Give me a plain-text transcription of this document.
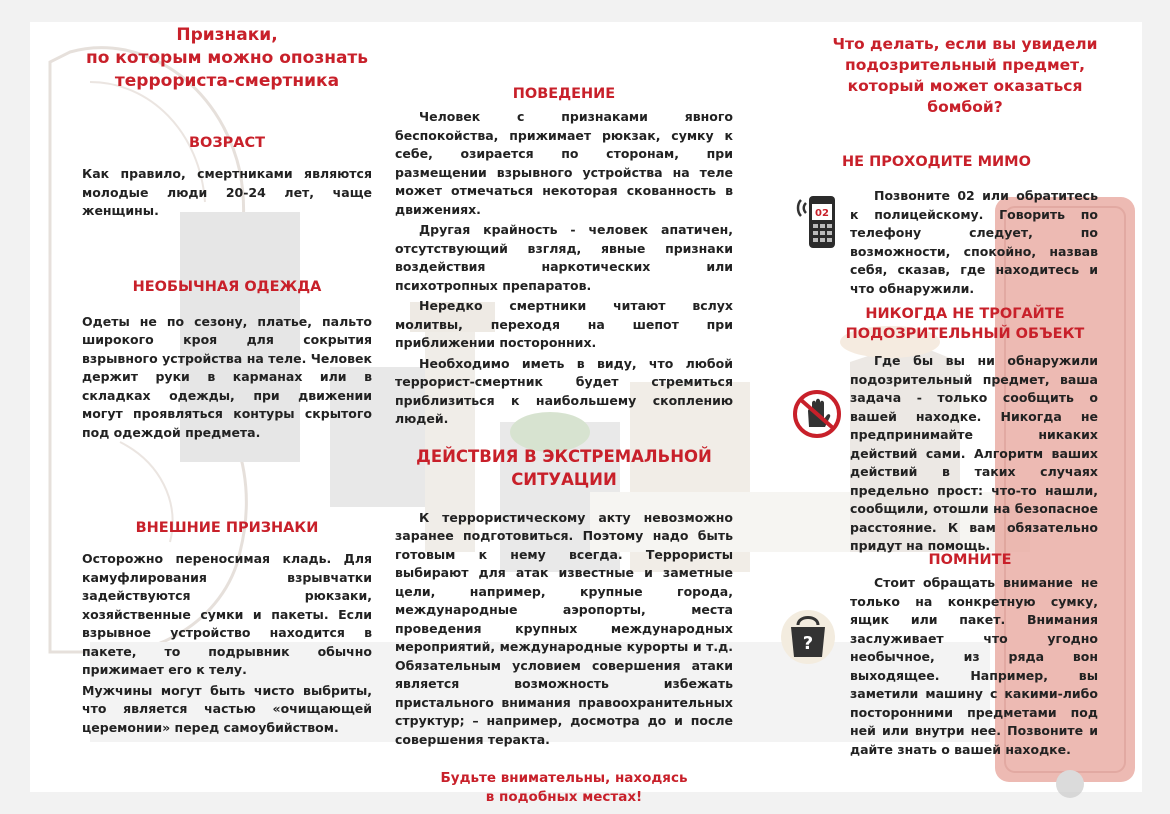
Признаки,
по которым можно опознать
террориста-смертника
ВОЗРАСТ

Как правило, смертниками являются молодые люди 20-24 лет, чаще женщины.

НЕОБЫЧНАЯ ОДЕЖДА

Одеты не по сезону, платье, пальто широкого кроя для сокрытия взрывного устройства на теле. Человек держит руки в карманах или в складках одежды, при движении могут проявляться контуры скрытого под одеждой предмета.

ВНЕШНИЕ ПРИЗНАКИ

Осторожно переносимая кладь. Для камуфлирования взрывчатки задействуются рюкзаки, хозяйственные сумки и пакеты. Если взрывное устройство находится в пакете, то подрывник обычно прижимает его к телу.

Мужчины могут быть чисто выбриты, что является частью «очищающей церемонии» перед самоубийством.

ПОВЕДЕНИЕ

Человек с признаками явного беспокойства, прижимает рюкзак, сумку к себе, озирается по сторонам, при размещении взрывного устройства на теле может отмечаться некоторая скованность в движениях.

Другая крайность - человек апатичен, отсутствующий взгляд, явные признаки воздействия наркотических или психотропных препаратов.

Нередко смертники читают вслух молитвы, переходя на шепот при приближении посторонних.

Необходимо иметь в виду, что любой террорист-смертник будет стремиться приблизиться к наибольшему скоплению людей.

ДЕЙСТВИЯ В ЭКСТРЕМАЛЬНОЙ
СИТУАЦИИ

К террористическому акту невозможно заранее подготовиться. Поэтому надо быть готовым к нему всегда. Террористы выбирают для атак известные и заметные цели, например, крупные города, международные аэропорты, места проведения крупных международных мероприятий, международные курорты и т.д. Обязательным условием совершения атаки является возможность избежать пристального внимания правоохранительных структур; – например, досмотра до и после совершения теракта.

Будьте внимательны, находясь
в подобных местах!
Что делать, если вы увидели
подозрительный предмет,
который может оказаться
бомбой?
НЕ ПРОХОДИТЕ МИМО

Позвоните 02 или обратитесь к полицейскому. Говорить по телефону следует, по возможности, спокойно, назвав себя, сказав, где находитесь и что обнаружили.

02
НИКОГДА НЕ ТРОГАЙТЕ
ПОДОЗРИТЕЛЬНЫЙ ОБЪЕКТ

Где бы вы ни обнаружили подозрительный предмет, ваша задача - только сообщить о вашей находке. Никогда не предпринимайте никаких действий сами. Алгоритм ваших действий в таких случаях предельно прост: что-то нашли, сообщили, отошли на безопасное расстояние. К вам обязательно придут на помощь.

ПОМНИТЕ

Стоит обращать внимание не только на конкретную сумку, ящик или пакет. Внимания заслуживает что угодно необычное, из ряда вон выходящее. Например, вы заметили машину с какими-либо посторонними предметами под ней или внутри нее. Позвоните и дайте знать о вашей находке.

?
